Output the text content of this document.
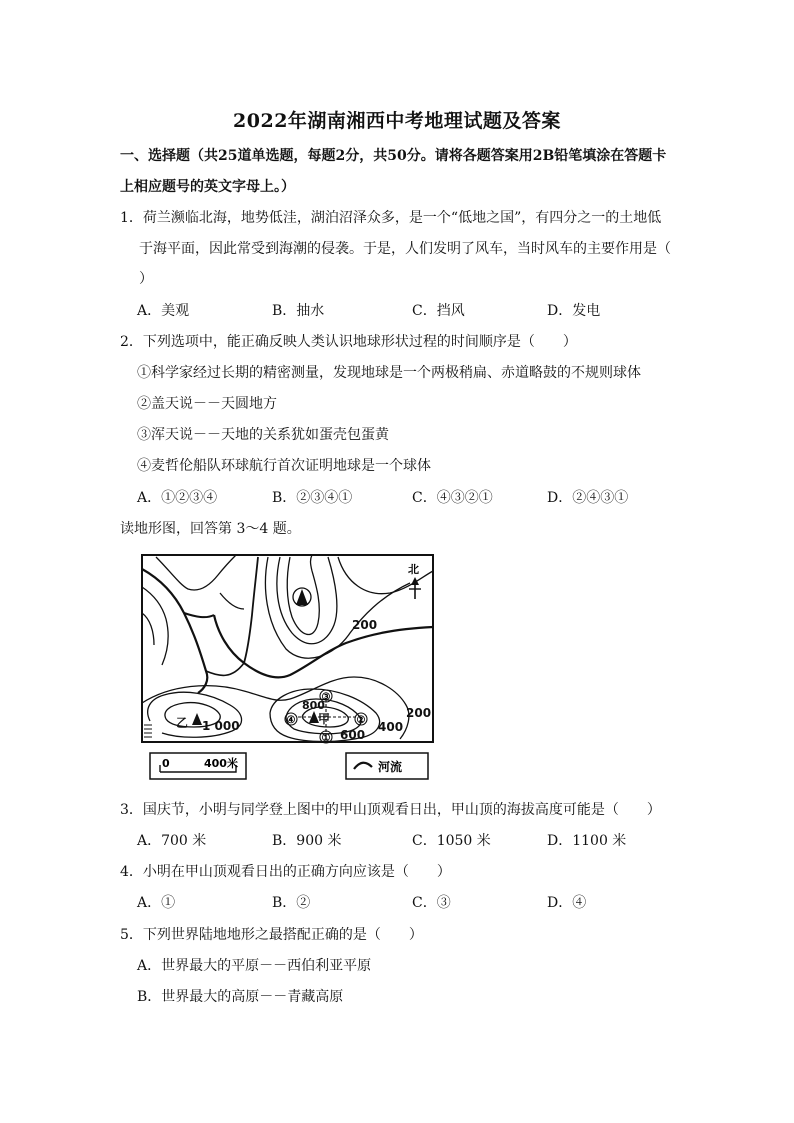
2022年湖南湘西中考地理试题及答案
一、选择题（共25道单选题，每题2分，共50分。请将各题答案用2B铅笔填涂在答题卡
上相应题号的英文字母上。）
1．荷兰濒临北海，地势低洼，湖泊沼泽众多，是一个“低地之国”，有四分之一的土地低
于海平面，因此常受到海潮的侵袭。于是，人们发明了风车，当时风车的主要作用是（
）
A．美观	B．抽水	C．挡风	D．发电
2．下列选项中，能正确反映人类认识地球形状过程的时间顺序是（　　）
①科学家经过长期的精密测量，发现地球是一个两极稍扁、赤道略鼓的不规则球体
②盖天说－－天圆地方
③浑天说－－天地的关系犹如蛋壳包蛋黄
④麦哲伦船队环球航行首次证明地球是一个球体
A．①②③④	B．②③④①	C．④③②①	D．②④③①
读地形图，回答第 3～4 题。
北
③
①
④	②
200
800
600
400
200
乙 1 000	甲
0	400米	河流
3．国庆节，小明与同学登上图中的甲山顶观看日出，甲山顶的海拔高度可能是（　　）
A．700 米	B．900 米	C．1050 米	D．1100 米
4．小明在甲山顶观看日出的正确方向应该是（　　）
A．①	B．②	C．③	D．④
5．下列世界陆地地形之最搭配正确的是（　　）
A．世界最大的平原－－西伯利亚平原
B．世界最大的高原－－青藏高原
